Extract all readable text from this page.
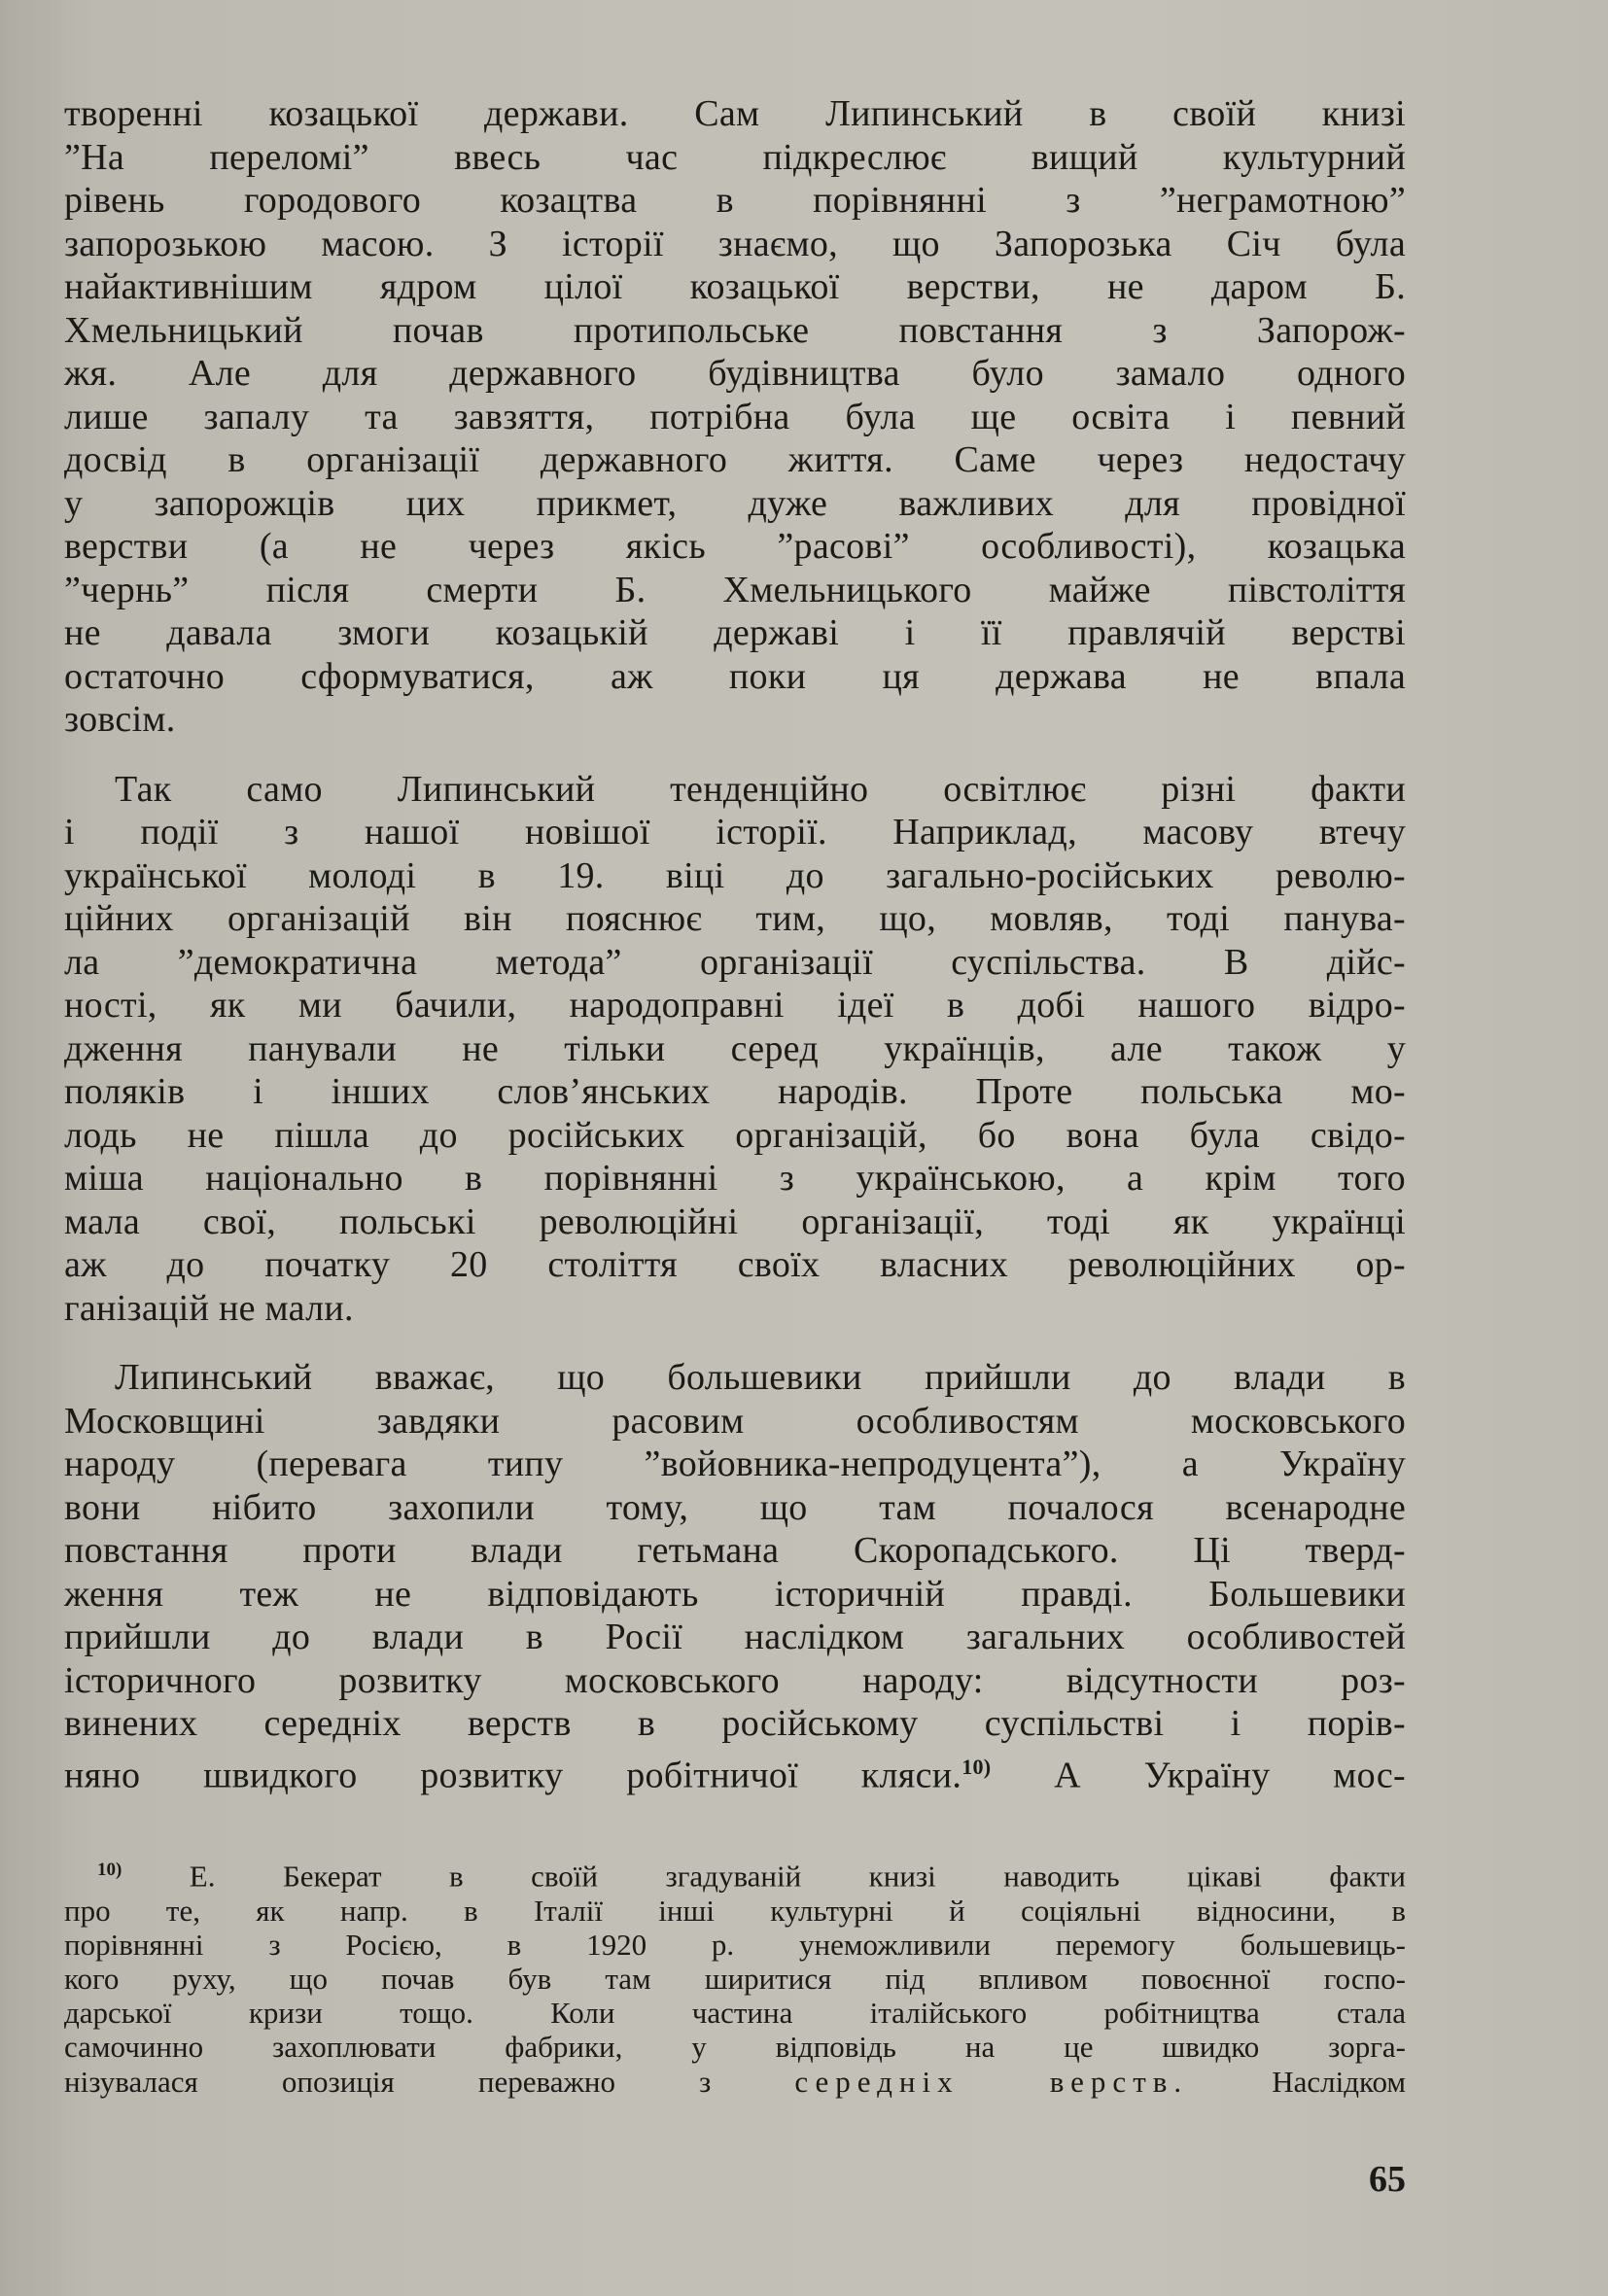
творенні козацької держави. Сам Липинський в своїй книзі
”На переломі” ввесь час підкреслює вищий культурний
рівень городового козацтва в порівнянні з ”неграмотною”
запорозькою масою. З історії знаємо, що Запорозька Січ була
найактивнішим ядром цілої козацької верстви, не даром Б.
Хмельницький почав протипольське повстання з Запорож-
жя. Але для державного будівництва було замало одного
лише запалу та завзяття, потрібна була ще освіта і певний
досвід в організації державного життя. Саме через недостачу
у запорожців цих прикмет, дуже важливих для провідної
верстви (а не через якісь ”расові” особливості), козацька
”чернь” після смерти Б. Хмельницького майже півстоліття
не давала змоги козацькій державі і її правлячій верстві
остаточно сформуватися, аж поки ця держава не впала
зовсім.

Так само Липинський тенденційно освітлює різні факти
і події з нашої новішої історії. Наприклад, масову втечу
української молоді в 19. віці до загально-російських револю-
ційних організацій він пояснює тим, що, мовляв, тоді панува-
ла ”демократична метода” організації суспільства. В дійс-
ності, як ми бачили, народоправні ідеї в добі нашого відро-
дження панували не тільки серед українців, але також у
поляків і інших слов’янських народів. Проте польська мо-
лодь не пішла до російських організацій, бо вона була свідо-
міша національно в порівнянні з українською, а крім того
мала свої, польські революційні організації, тоді як українці
аж до початку 20 століття своїх власних революційних ор-
ганізацій не мали.

Липинський вважає, що большевики прийшли до влади в
Московщині завдяки расовим особливостям московського
народу (перевага типу ”войовника-непродуцента”), а Україну
вони нібито захопили тому, що там почалося всенародне
повстання проти влади гетьмана Скоропадського. Ці тверд-
ження теж не відповідають історичній правді. Большевики
прийшли до влади в Росії наслідком загальних особливостей
історичного розвитку московського народу: відсутности роз-
винених середніх верств в російському суспільстві і порів-
няно швидкого розвитку робітничої кляси.$^{10)}$ А Україну мос-

$^{10)}$ Е. Бекерат в своїй згадуваній книзі наводить цікаві факти
про те, як напр. в Італії інші культурні й соціяльні відносини, в
порівнянні з Росією, в 1920 р. унеможливили перемогу большевиць-
кого руху, що почав був там ширитися під впливом повоєнної госпо-
дарської кризи тощо. Коли частина італійського робітництва стала
самочинно захоплювати фабрики, у відповідь на це швидко зорга-
нізувалася опозиція переважно з	середніх верств.	Наслідком

65
